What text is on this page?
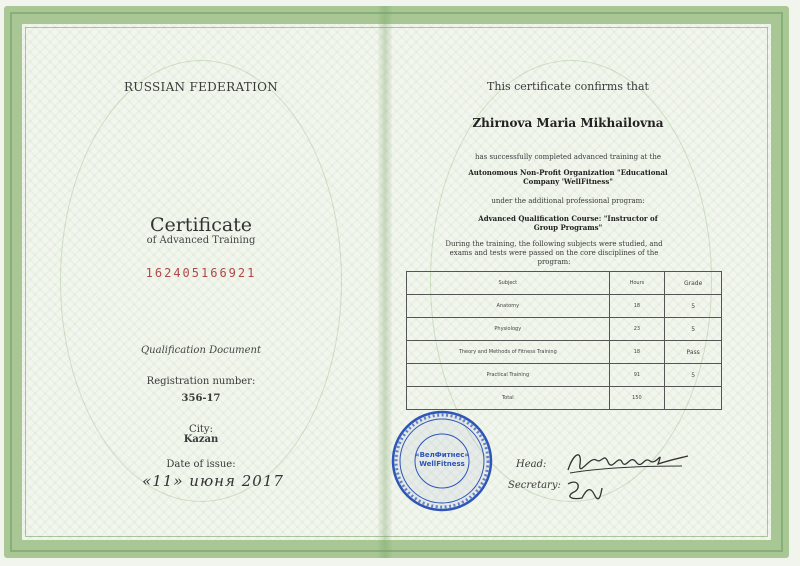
RUSSIAN FEDERATION
Certificate
of Advanced Training
162405166921
Qualification Document
Registration number:
356-17
City:
Kazan
Date of issue:
«11» июня 2017
This certificate confirms that
Zhirnova Maria Mikhailovna
has successfully completed advanced training at the
Autonomous Non-Profit Organization "Educational Company 'WellFitness"
under the additional professional program:
Advanced Qualification Course: "Instructor of Group Programs"
During the training, the following subjects were studied, and exams and tests were passed on the core disciplines of the program:
Subject	Hours	Grade
Anatomy	18	5
Physiology	23	5
Theory and Methods of Fitness Training	18	Pass
Practical Training	91	5
Total	150	
«ВелФитнес»
WellFitness	Head:
Secretary:
